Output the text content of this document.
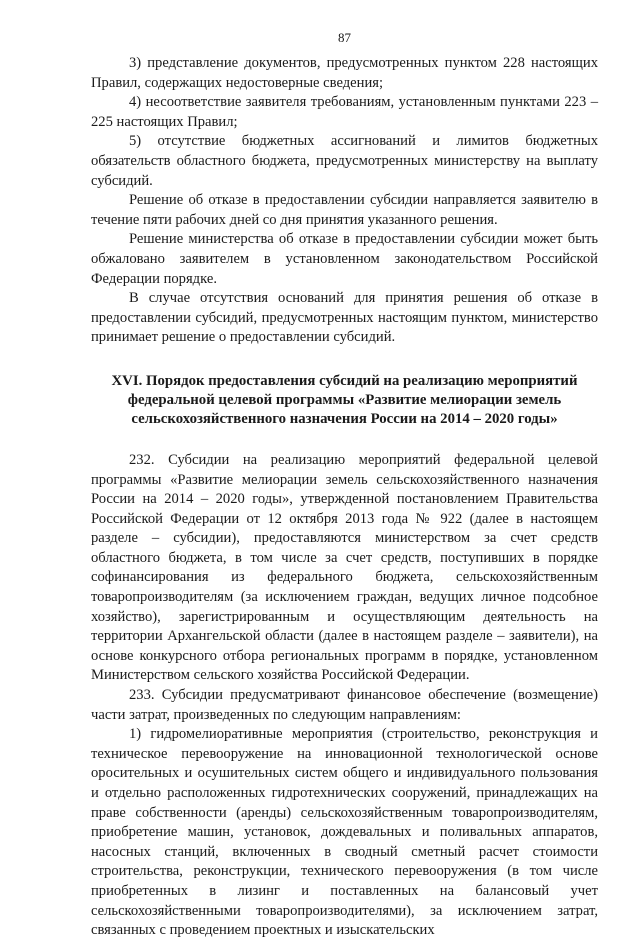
87

3) представление документов, предусмотренных пунктом 228 настоящих Правил, содержащих недостоверные сведения;

4) несоответствие заявителя требованиям, установленным пунктами 223 – 225 настоящих Правил;

5) отсутствие бюджетных ассигнований и лимитов бюджетных обязательств областного бюджета, предусмотренных министерству на выплату субсидий.

Решение об отказе в предоставлении субсидии направляется заявителю в течение пяти рабочих дней со дня принятия указанного решения.

Решение министерства об отказе в предоставлении субсидии может быть обжаловано заявителем в установленном законодательством Российской Федерации порядке.

В случае отсутствия оснований для принятия решения об отказе в предоставлении субсидий, предусмотренных настоящим пунктом, министерство принимает решение о предоставлении субсидий.

XVI. Порядок предоставления субсидий на реализацию мероприятий федеральной целевой программы «Развитие мелиорации земель сельскохозяйственного назначения России на 2014 – 2020 годы»

232. Субсидии на реализацию мероприятий федеральной целевой программы «Развитие мелиорации земель сельскохозяйственного назначения России на 2014 – 2020 годы», утвержденной постановлением Правительства Российской Федерации от 12 октября 2013 года № 922 (далее в настоящем разделе – субсидии), предоставляются министерством за счет средств областного бюджета, в том числе за счет средств, поступивших в порядке софинансирования из федерального бюджета, сельскохозяйственным товаропроизводителям (за исключением граждан, ведущих личное подсобное хозяйство), зарегистрированным и осуществляющим деятельность на территории Архангельской области (далее в настоящем разделе – заявители), на основе конкурсного отбора региональных программ в порядке, установленном Министерством сельского хозяйства Российской Федерации.

233. Субсидии предусматривают финансовое обеспечение (возмещение) части затрат, произведенных по следующим направлениям:

1) гидромелиоративные мероприятия (строительство, реконструкция и техническое перевооружение на инновационной технологической основе оросительных и осушительных систем общего и индивидуального пользования и отдельно расположенных гидротехнических сооружений, принадлежащих на праве собственности (аренды) сельскохозяйственным товаропроизводителям, приобретение машин, установок, дождевальных и поливальных аппаратов, насосных станций, включенных в сводный сметный расчет стоимости строительства, реконструкции, технического перевооружения (в том числе приобретенных в лизинг и поставленных на балансовый учет сельскохозяйственными товаропроизводителями), за исключением затрат, связанных с проведением проектных и изыскательских
